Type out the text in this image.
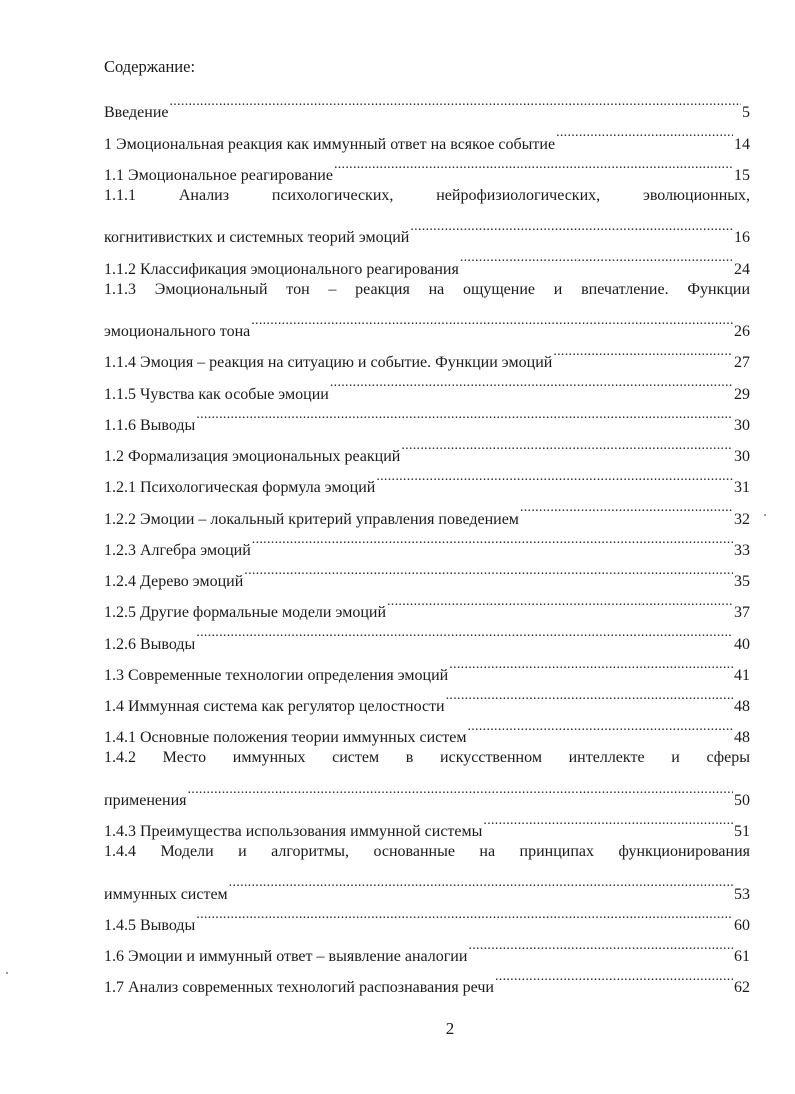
Содержание:
Введение .....	5
1 Эмоциональная реакция как иммунный ответ на всякое событие .....	14
1.1 Эмоциональное реагирование .....	15
1.1.1 Анализ психологических, нейрофизиологических, эволюционных,
когнитивистких и системных теорий эмоций .....	16
1.1.2 Классификация эмоционального реагирования .....	24
1.1.3 Эмоциональный тон – реакция на ощущение и впечатление. Функции
эмоционального тона .....	26
1.1.4 Эмоция – реакция на ситуацию и событие. Функции эмоций .....	27
1.1.5 Чувства как особые эмоции .....	29
1.1.6 Выводы .....	30
1.2 Формализация эмоциональных реакций .....	30
1.2.1 Психологическая формула эмоций .....	31
1.2.2 Эмоции – локальный критерий управления поведением .....	32
1.2.3 Алгебра эмоций .....	33
1.2.4 Дерево эмоций .....	35
1.2.5 Другие формальные модели эмоций .....	37
1.2.6 Выводы .....	40
1.3 Современные технологии определения эмоций .....	41
1.4 Иммунная система как регулятор целостности .....	48
1.4.1 Основные положения теории иммунных систем .....	48
1.4.2 Место иммунных систем в искусственном интеллекте и сферы
применения .....	50
1.4.3 Преимущества использования иммунной системы .....	51
1.4.4 Модели и алгоритмы, основанные на принципах функционирования
иммунных систем .....	53
1.4.5 Выводы .....	60
1.6 Эмоции и иммунный ответ – выявление аналогии .....	61
1.7 Анализ современных технологий распознавания речи .....	62
2
